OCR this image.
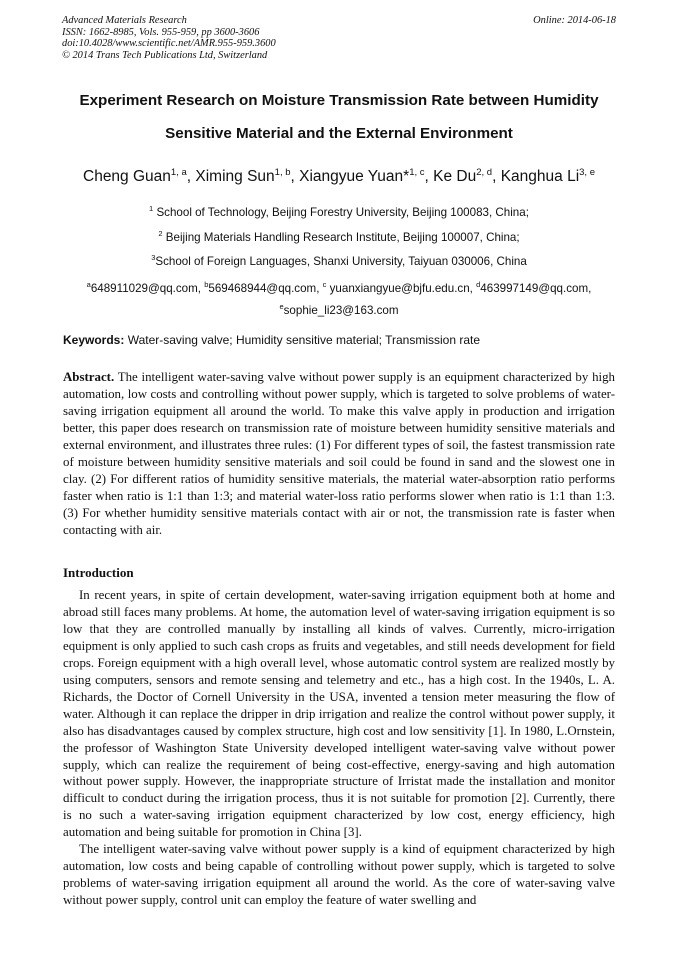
Advanced Materials Research
ISSN: 1662-8985, Vols. 955-959, pp 3600-3606
doi:10.4028/www.scientific.net/AMR.955-959.3600
© 2014 Trans Tech Publications Ltd, Switzerland
Online: 2014-06-18
Experiment Research on Moisture Transmission Rate between Humidity
Sensitive Material and the External Environment
Cheng Guan$^{1, a}$, Ximing Sun$^{1, b}$, Xiangyue Yuan*$^{1, c}$, Ke Du$^{2, d}$, Kanghua Li$^{3, e}$
$^1$ School of Technology, Beijing Forestry University, Beijing 100083, China;
$^2$ Beijing Materials Handling Research Institute, Beijing 100007, China;
$^3$School of Foreign Languages, Shanxi University, Taiyuan 030006, China
$^a$648911029@qq.com, $^b$569468944@qq.com, $^c$ yuanxiangyue@bjfu.edu.cn, $^d$463997149@qq.com,
$^e$sophie_li23@163.com
Keywords: Water-saving valve; Humidity sensitive material; Transmission rate
Abstract. The intelligent water-saving valve without power supply is an equipment characterized by high automation, low costs and controlling without power supply, which is targeted to solve problems of water-saving irrigation equipment all around the world. To make this valve apply in production and irrigation better, this paper does research on transmission rate of moisture between humidity sensitive materials and external environment, and illustrates three rules: (1) For different types of soil, the fastest transmission rate of moisture between humidity sensitive materials and soil could be found in sand and the slowest one in clay. (2) For different ratios of humidity sensitive materials, the material water-absorption ratio performs faster when ratio is 1:1 than 1:3; and material water-loss ratio performs slower when ratio is 1:1 than 1:3. (3) For whether humidity sensitive materials contact with air or not, the transmission rate is faster when contacting with air.
Introduction

In recent years, in spite of certain development, water-saving irrigation equipment both at home and abroad still faces many problems. At home, the automation level of water-saving irrigation equipment is so low that they are controlled manually by installing all kinds of valves. Currently, micro-irrigation equipment is only applied to such cash crops as fruits and vegetables, and still needs development for field crops. Foreign equipment with a high overall level, whose automatic control system are realized mostly by using computers, sensors and remote sensing and telemetry and etc., has a high cost. In the 1940s, L. A. Richards, the Doctor of Cornell University in the USA, invented a tension meter measuring the flow of water. Although it can replace the dripper in drip irrigation and realize the control without power supply, it also has disadvantages caused by complex structure, high cost and low sensitivity [1]. In 1980, L.Ornstein, the professor of Washington State University developed intelligent water-saving valve without power supply, which can realize the requirement of being cost-effective, energy-saving and high automation without power supply. However, the inappropriate structure of Irristat made the installation and monitor difficult to conduct during the irrigation process, thus it is not suitable for promotion [2]. Currently, there is no such a water-saving irrigation equipment characterized by low cost, energy efficiency, high automation and being suitable for promotion in China [3].

The intelligent water-saving valve without power supply is a kind of equipment characterized by high automation, low costs and being capable of controlling without power supply, which is targeted to solve problems of water-saving irrigation equipment all around the world. As the core of water-saving valve without power supply, control unit can employ the feature of water swelling and
